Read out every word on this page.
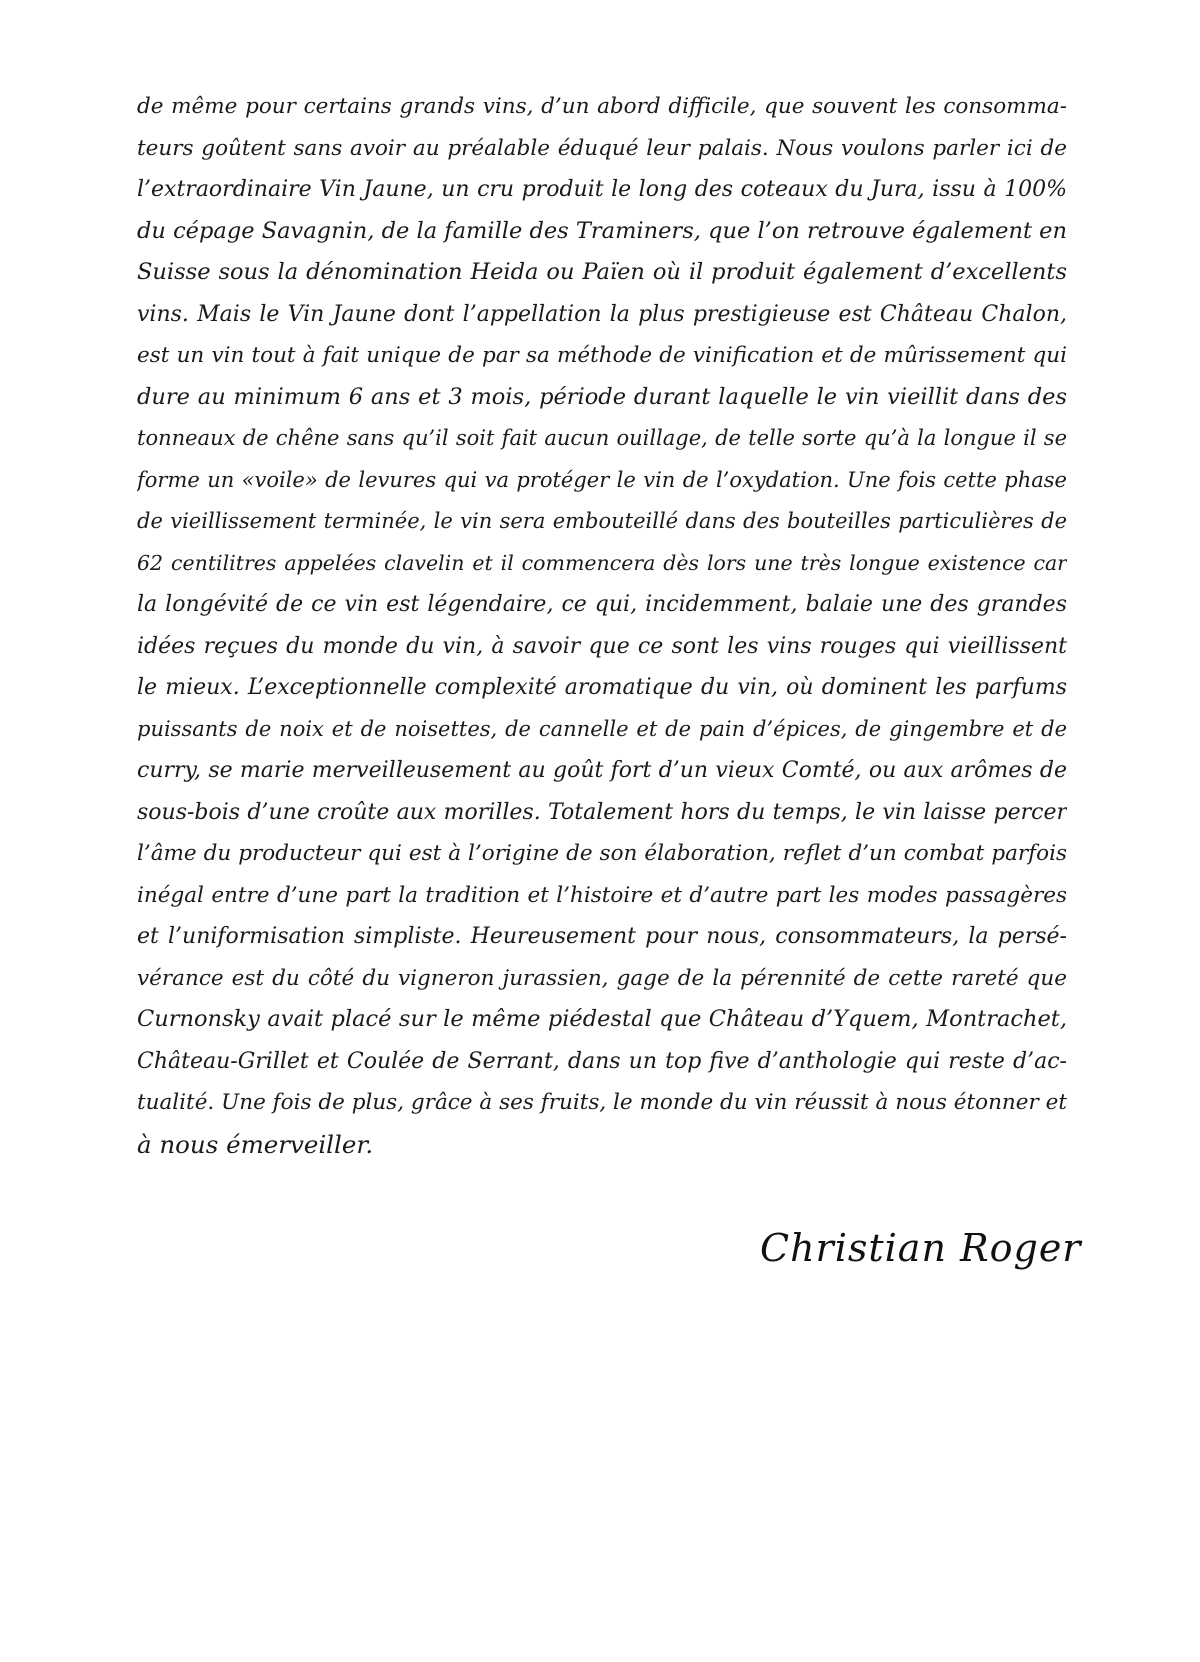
de même pour certains grands vins, d’un abord difficile, que souvent les consomma-
teurs goûtent sans avoir au préalable éduqué leur palais. Nous voulons parler ici de
l’extraordinaire Vin Jaune, un cru produit le long des coteaux du Jura, issu à 100%
du cépage Savagnin, de la famille des Traminers, que l’on retrouve également en
Suisse sous la dénomination Heida ou Païen où il produit également d’excellents
vins. Mais le Vin Jaune dont l’appellation la plus prestigieuse est Château Chalon,
est un vin tout à fait unique de par sa méthode de vinification et de mûrissement qui
dure au minimum 6 ans et 3 mois, période durant laquelle le vin vieillit dans des
tonneaux de chêne sans qu’il soit fait aucun ouillage, de telle sorte qu’à la longue il se
forme un «voile» de levures qui va protéger le vin de l’oxydation. Une fois cette phase
de vieillissement terminée, le vin sera embouteillé dans des bouteilles particulières de
62 centilitres appelées clavelin et il commencera dès lors une très longue existence car
la longévité de ce vin est légendaire, ce qui, incidemment, balaie une des grandes
idées reçues du monde du vin, à savoir que ce sont les vins rouges qui vieillissent
le mieux. L’exceptionnelle complexité aromatique du vin, où dominent les parfums
puissants de noix et de noisettes, de cannelle et de pain d’épices, de gingembre et de
curry, se marie merveilleusement au goût fort d’un vieux Comté, ou aux arômes de
sous-bois d’une croûte aux morilles. Totalement hors du temps, le vin laisse percer
l’âme du producteur qui est à l’origine de son élaboration, reflet d’un combat parfois
inégal entre d’une part la tradition et l’histoire et d’autre part les modes passagères
et l’uniformisation simpliste. Heureusement pour nous, consommateurs, la persé-
vérance est du côté du vigneron jurassien, gage de la pérennité de cette rareté que
Curnonsky avait placé sur le même piédestal que Château d’Yquem, Montrachet,
Château-Grillet et Coulée de Serrant, dans un top five d’anthologie qui reste d’ac-
tualité. Une fois de plus, grâce à ses fruits, le monde du vin réussit à nous étonner et
à nous émerveiller.
Christian Roger
